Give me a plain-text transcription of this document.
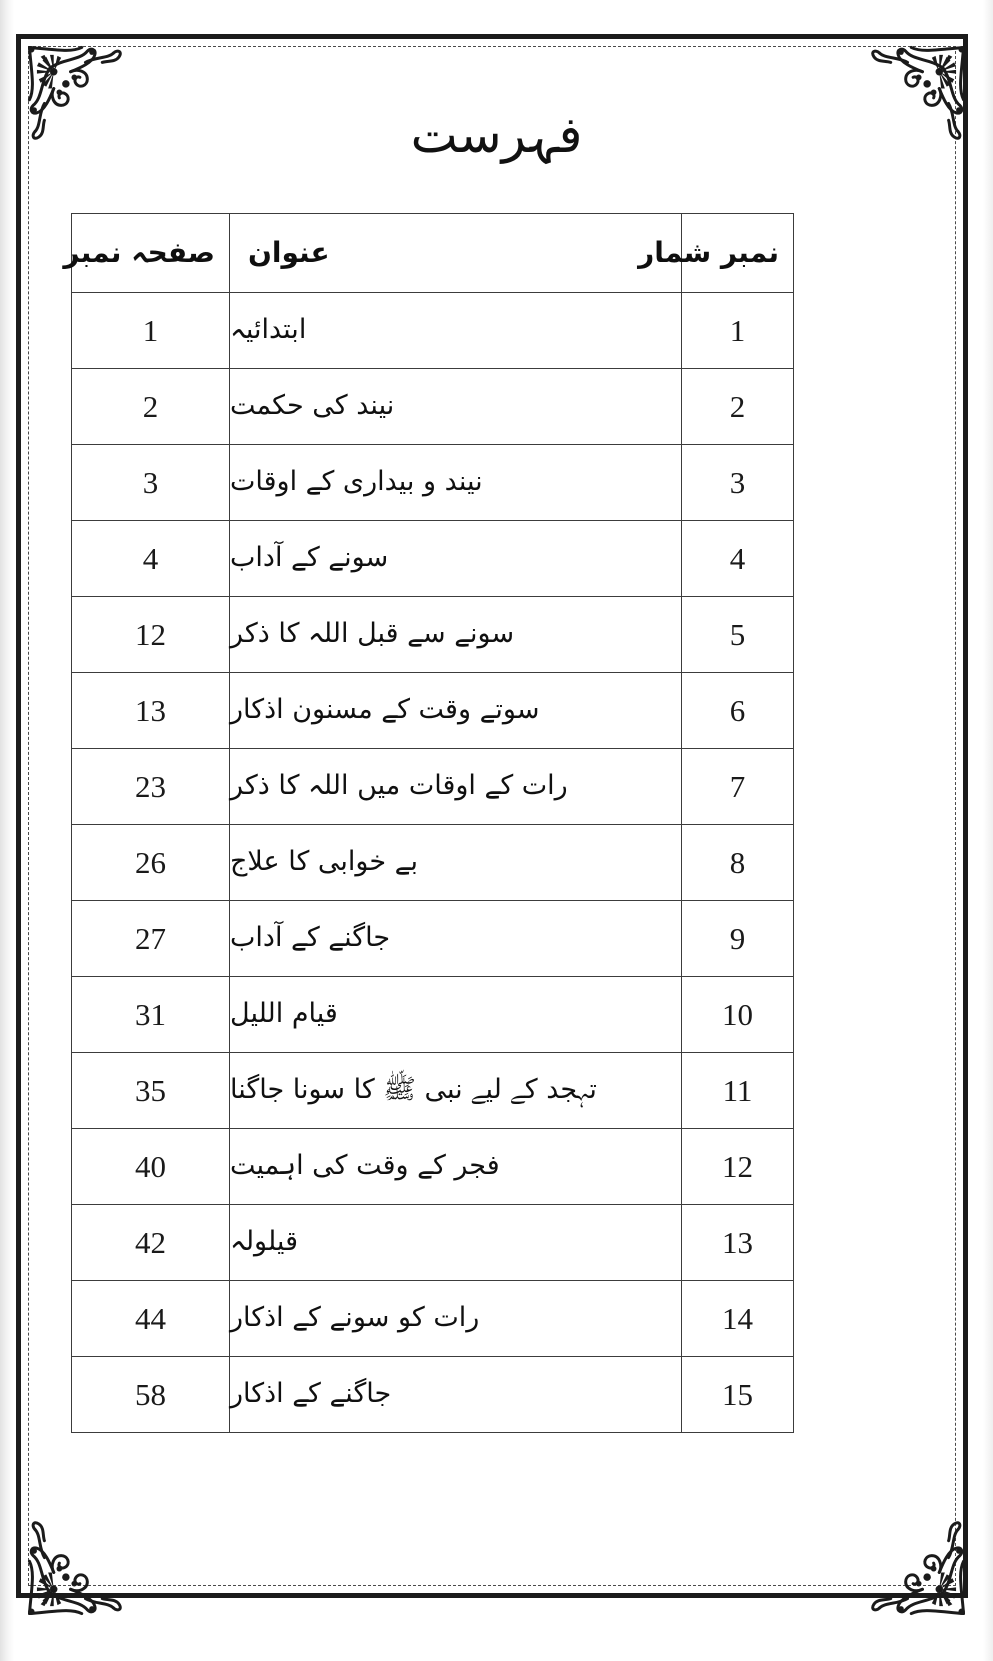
فہرست
نمبر شمار	عنوان	صفحہ نمبر

1	ابتدائیہ	1
2	نیند کی حکمت	2
3	نیند و بیداری کے اوقات	3
4	سونے کے آداب	4
5	سونے سے قبل اللہ کا ذکر	12
6	سوتے وقت کے مسنون اذکار	13
7	رات کے اوقات میں اللہ کا ذکر	23
8	بے خوابی کا علاج	26
9	جاگنے کے آداب	27
10	قیام اللیل	31
11	تہجد کے لیے نبی ﷺ کا سونا جاگنا	35
12	فجر کے وقت کی اہمیت	40
13	قیلولہ	42
14	رات کو سونے کے اذکار	44
15	جاگنے کے اذکار	58
